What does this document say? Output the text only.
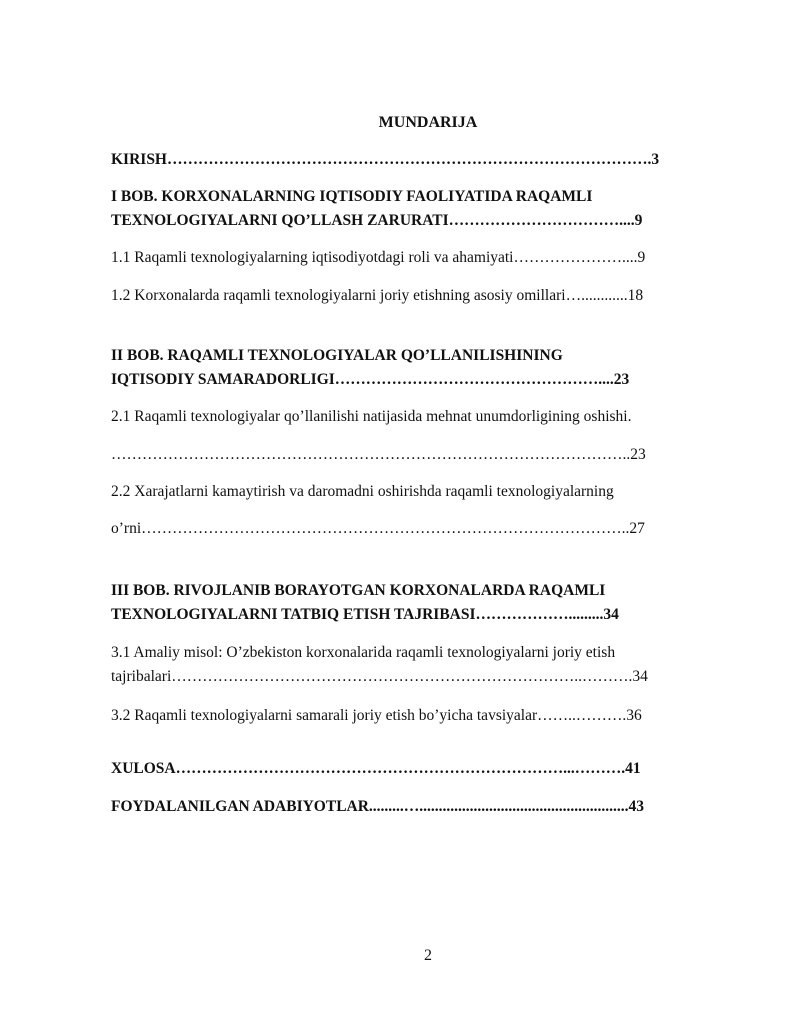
MUNDARIJA
KIRISH………………………………………………………………………………….3
I BOB. KORXONALARNING IQTISODIY FAOLIYATIDA RAQAMLI
TEXNOLOGIYALARNI QO’LLASH ZARURATI……………………………....9
1.1 Raqamli texnologiyalarning iqtisodiyotdagi roli va ahamiyati…………………....9
1.2 Korxonalarda raqamli texnologiyalarni joriy etishning asosiy omillari…............18
II BOB. RAQAMLI TEXNOLOGIYALAR QO’LLANILISHINING
IQTISODIY SAMARADORLIGI……………………………………………....23
2.1 Raqamli texnologiyalar qo’llanilishi natijasida mehnat unumdorligining oshishi.
………………………………………………………………………………………..23
2.2 Xarajatlarni kamaytirish va daromadni oshirishda raqamli texnologiyalarning
o’rni…………………………………………………………………………………..27
III BOB. RIVOJLANIB BORAYOTGAN KORXONALARDA RAQAMLI
TEXNOLOGIYALARNI TATBIQ ETISH TAJRIBASI……………….........34
3.1 Amaliy misol: O’zbekiston korxonalarida raqamli texnologiyalarni joriy etish
tajribalari……………………………………………………………………..……….34
3.2 Raqamli texnologiyalarni samarali joriy etish bo’yicha tavsiyalar……..……….36
XULOSA…………………………………………………………………...……….41
FOYDALANILGAN ADABIYOTLAR.........…......................................................43
2
